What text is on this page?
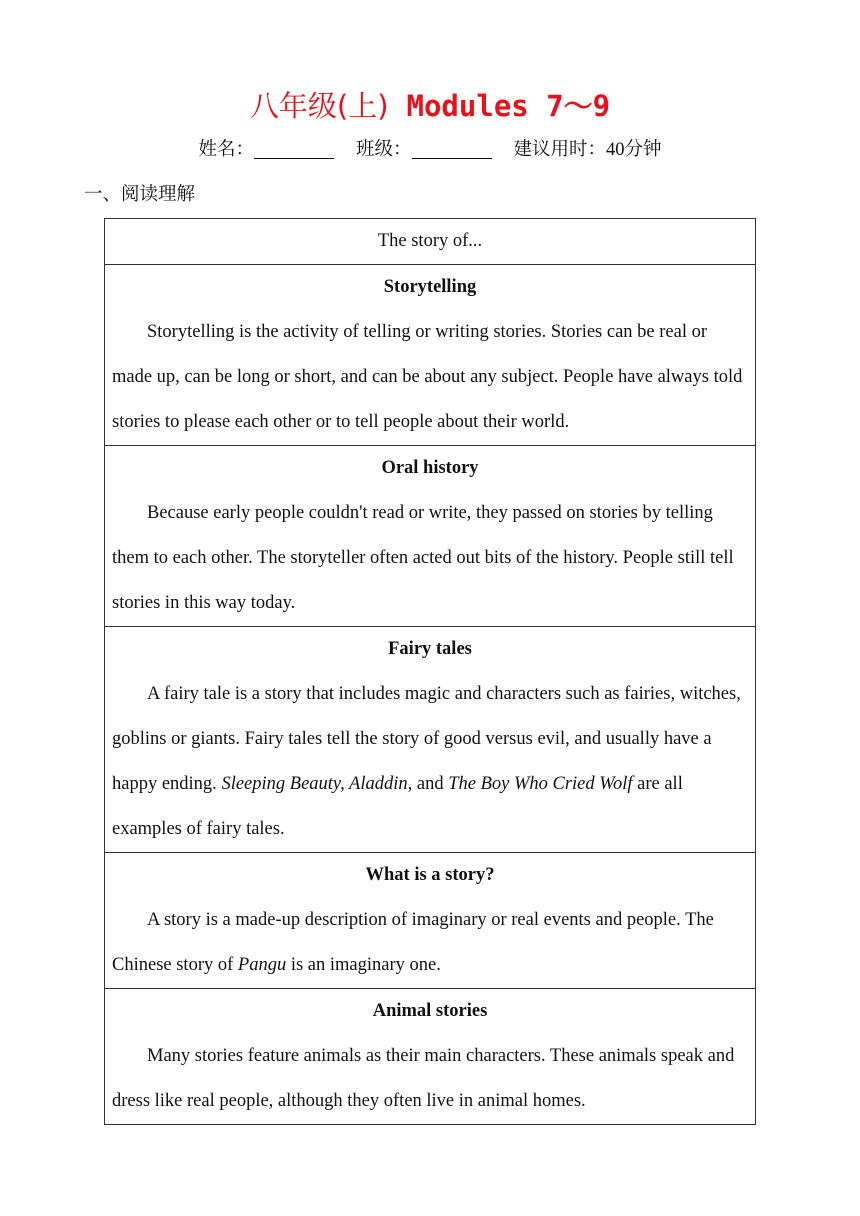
八年级(上) Modules 7～9
姓名：	班级：	建议用时：40分钟
一、阅读理解
The story of...

Storytelling

Storytelling is the activity of telling or writing stories. Stories can be real or made up, can be long or short, and can be about any subject. People have always told stories to please each other or to tell people about their world.

Oral history

Because early people couldn't read or write, they passed on stories by telling them to each other. The storyteller often acted out bits of the history. People still tell stories in this way today.

Fairy tales

A fairy tale is a story that includes magic and characters such as fairies, witches, goblins or giants. Fairy tales tell the story of good versus evil, and usually have a happy ending. Sleeping Beauty, Aladdin, and The Boy Who Cried Wolf are all examples of fairy tales.

What is a story?

A story is a made-up description of imaginary or real events and people. The Chinese story of Pangu is an imaginary one.

Animal stories

Many stories feature animals as their main characters. These animals speak and dress like real people, although they often live in animal homes.
